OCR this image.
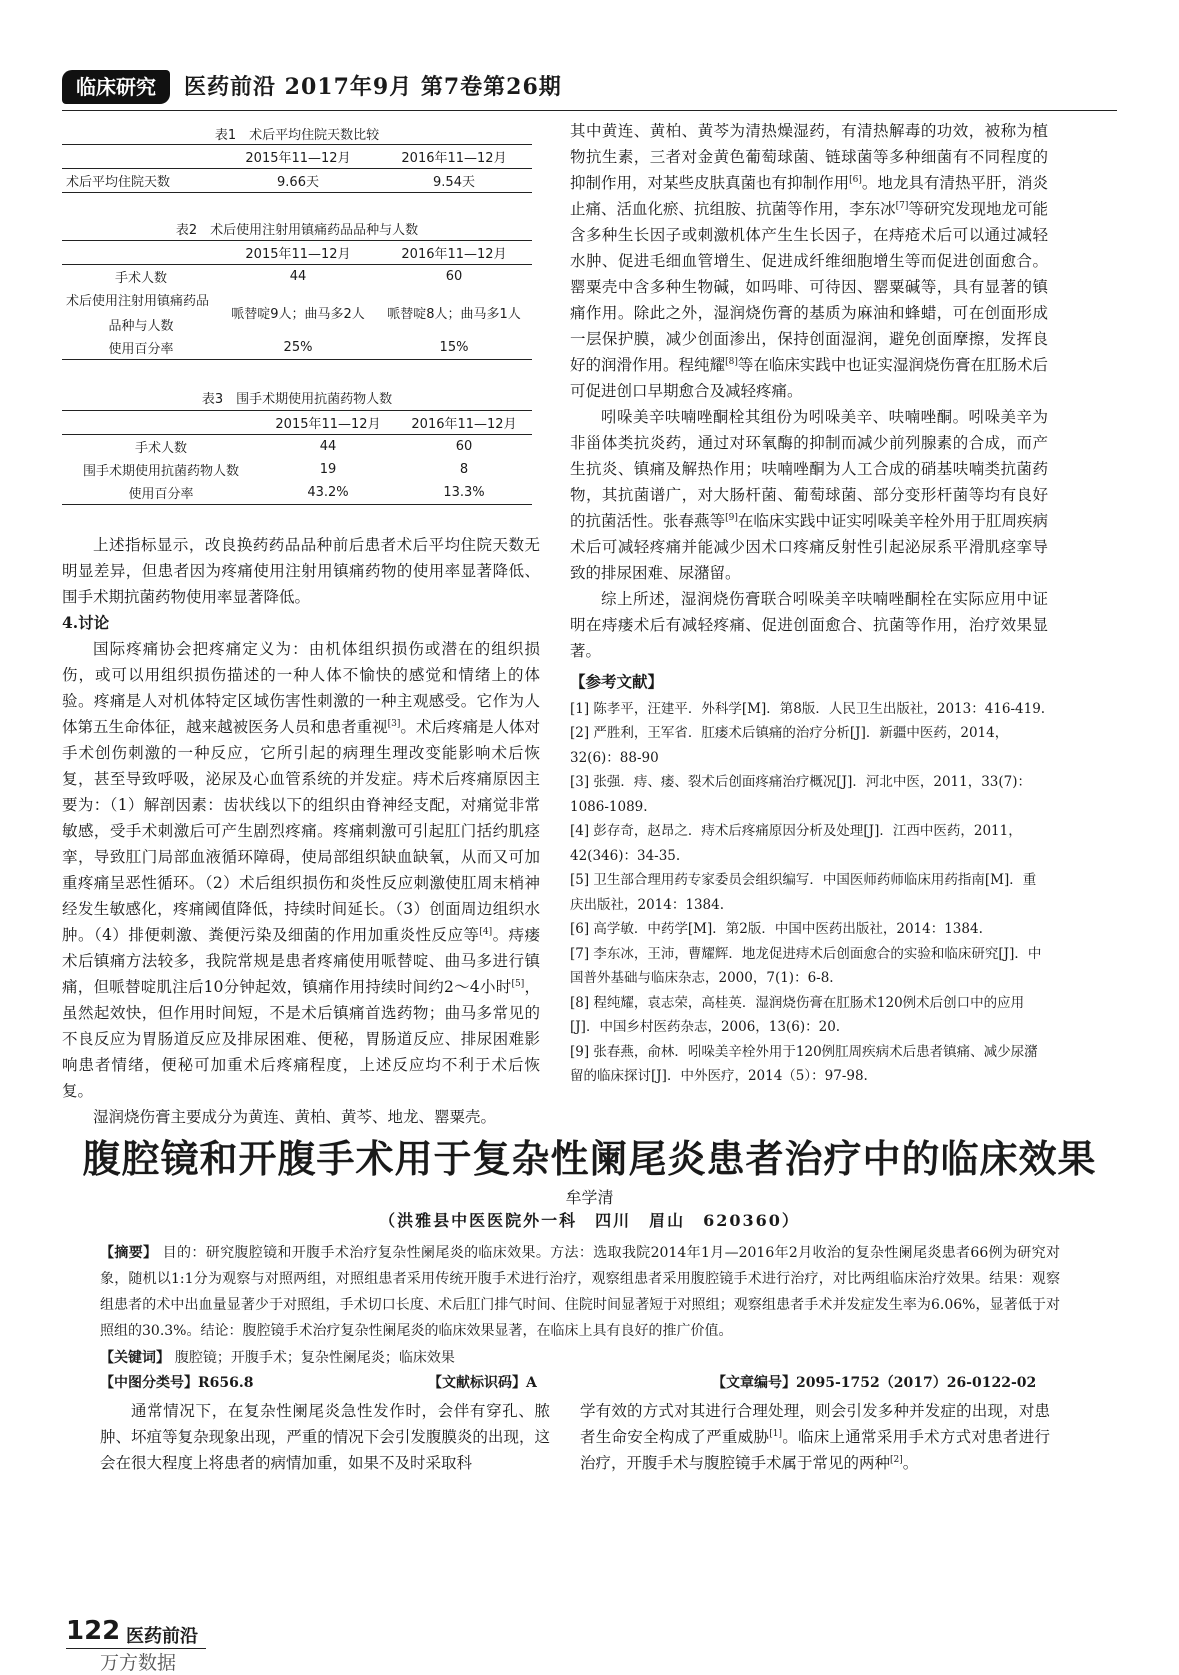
临床研究	医药前沿 2017年9月 第7卷第26期
表1　术后平均住院天数比较
	2015年11—12月	2016年11—12月
术后平均住院天数	9.66天	9.54天
表2　术后使用注射用镇痛药品品种与人数
	2015年11—12月	2016年11—12月
手术人数	44	60

术后使用注射用镇痛药品
品种与人数	哌替啶9人；曲马多2人	哌替啶8人；曲马多1人
使用百分率	25%	15%
表3　围手术期使用抗菌药物人数
	2015年11—12月	2016年11—12月
手术人数	44	60
围手术期使用抗菌药物人数	19	8
使用百分率	43.2%	13.3%

上述指标显示，改良换药药品品种前后患者术后平均住院天数无明显差异，但患者因为疼痛使用注射用镇痛药物的使用率显著降低、围手术期抗菌药物使用率显著降低。

4.讨论

国际疼痛协会把疼痛定义为：由机体组织损伤或潜在的组织损伤，或可以用组织损伤描述的一种人体不愉快的感觉和情绪上的体验。疼痛是人对机体特定区域伤害性刺激的一种主观感受。它作为人体第五生命体征，越来越被医务人员和患者重视[3]。术后疼痛是人体对手术创伤刺激的一种反应，它所引起的病理生理改变能影响术后恢复，甚至导致呼吸，泌尿及心血管系统的并发症。痔术后疼痛原因主要为：（1）解剖因素：齿状线以下的组织由脊神经支配，对痛觉非常敏感，受手术刺激后可产生剧烈疼痛。疼痛刺激可引起肛门括约肌痉挛，导致肛门局部血液循环障碍，使局部组织缺血缺氧，从而又可加重疼痛呈恶性循环。（2）术后组织损伤和炎性反应刺激使肛周末梢神经发生敏感化，疼痛阈值降低，持续时间延长。（3）创面周边组织水肿。（4）排便刺激、粪便污染及细菌的作用加重炎性反应等[4]。痔瘘术后镇痛方法较多，我院常规是患者疼痛使用哌替啶、曲马多进行镇痛，但哌替啶肌注后10分钟起效，镇痛作用持续时间约2～4小时[5]，虽然起效快，但作用时间短，不是术后镇痛首选药物；曲马多常见的不良反应为胃肠道反应及排尿困难、便秘，胃肠道反应、排尿困难影响患者情绪，便秘可加重术后疼痛程度，上述反应均不利于术后恢复。

湿润烧伤膏主要成分为黄连、黄柏、黄芩、地龙、罂粟壳。

其中黄连、黄柏、黄芩为清热燥湿药，有清热解毒的功效，被称为植物抗生素，三者对金黄色葡萄球菌、链球菌等多种细菌有不同程度的抑制作用，对某些皮肤真菌也有抑制作用[6]。地龙具有清热平肝，消炎止痛、活血化瘀、抗组胺、抗菌等作用，李东冰[7]等研究发现地龙可能含多种生长因子或刺激机体产生生长因子，在痔疮术后可以通过减轻水肿、促进毛细血管增生、促进成纤维细胞增生等而促进创面愈合。罂粟壳中含多种生物碱，如吗啡、可待因、罂粟碱等，具有显著的镇痛作用。除此之外，湿润烧伤膏的基质为麻油和蜂蜡，可在创面形成一层保护膜，减少创面渗出，保持创面湿润，避免创面摩擦，发挥良好的润滑作用。程纯耀[8]等在临床实践中也证实湿润烧伤膏在肛肠术后可促进创口早期愈合及减轻疼痛。

吲哚美辛呋喃唑酮栓其组份为吲哚美辛、呋喃唑酮。吲哚美辛为非甾体类抗炎药，通过对环氧酶的抑制而减少前列腺素的合成，而产生抗炎、镇痛及解热作用；呋喃唑酮为人工合成的硝基呋喃类抗菌药物，其抗菌谱广，对大肠杆菌、葡萄球菌、部分变形杆菌等均有良好的抗菌活性。张春燕等[9]在临床实践中证实吲哚美辛栓外用于肛周疾病术后可减轻疼痛并能减少因术口疼痛反射性引起泌尿系平滑肌痉挛导致的排尿困难、尿潴留。

综上所述，湿润烧伤膏联合吲哚美辛呋喃唑酮栓在实际应用中证明在痔瘘术后有减轻疼痛、促进创面愈合、抗菌等作用，治疗效果显著。

【参考文献】
[1] 陈孝平，汪建平．外科学[M]．第8版．人民卫生出版社，2013：416-419.
[2] 严胜利，王军省．肛瘘术后镇痛的治疗分析[J]．新疆中医药，2014，32(6)：88-90
[3] 张强．痔、瘘、裂术后创面疼痛治疗概况[J]．河北中医，2011，33(7)：1086-1089.
[4] 彭存奇，赵昂之．痔术后疼痛原因分析及处理[J]．江西中医药，2011，42(346)：34-35.
[5] 卫生部合理用药专家委员会组织编写．中国医师药师临床用药指南[M]．重庆出版社，2014：1384.
[6] 高学敏．中药学[M]．第2版．中国中医药出版社，2014：1384.
[7] 李东冰，王沛，曹耀辉．地龙促进痔术后创面愈合的实验和临床研究[J]．中国普外基础与临床杂志，2000，7(1)：6-8.
[8] 程纯耀，袁志荣，高桂英．湿润烧伤膏在肛肠术120例术后创口中的应用[J]．中国乡村医药杂志，2006，13(6)：20.
[9] 张春燕，俞林．吲哚美辛栓外用于120例肛周疾病术后患者镇痛、减少尿潴留的临床探讨[J]．中外医疗，2014（5）：97-98.
腹腔镜和开腹手术用于复杂性阑尾炎患者治疗中的临床效果
牟学清
（洪雅县中医医院外一科　四川　眉山　620360）
【摘要】 目的：研究腹腔镜和开腹手术治疗复杂性阑尾炎的临床效果。方法：选取我院2014年1月—2016年2月收治的复杂性阑尾炎患者66例为研究对象，随机以1:1分为观察与对照两组，对照组患者采用传统开腹手术进行治疗，观察组患者采用腹腔镜手术进行治疗，对比两组临床治疗效果。结果：观察组患者的术中出血量显著少于对照组，手术切口长度、术后肛门排气时间、住院时间显著短于对照组；观察组患者手术并发症发生率为6.06%，显著低于对照组的30.3%。结论：腹腔镜手术治疗复杂性阑尾炎的临床效果显著，在临床上具有良好的推广价值。
【关键词】 腹腔镜；开腹手术；复杂性阑尾炎；临床效果
【中图分类号】R656.8	【文献标识码】A	【文章编号】2095-1752（2017）26-0122-02

通常情况下，在复杂性阑尾炎急性发作时，会伴有穿孔、脓肿、坏疽等复杂现象出现，严重的情况下会引发腹膜炎的出现，这会在很大程度上将患者的病情加重，如果不及时采取科

学有效的方式对其进行合理处理，则会引发多种并发症的出现，对患者生命安全构成了严重威胁[1]。临床上通常采用手术方式对患者进行治疗，开腹手术与腹腔镜手术属于常见的两种[2]。

122 医药前沿
万方数据
